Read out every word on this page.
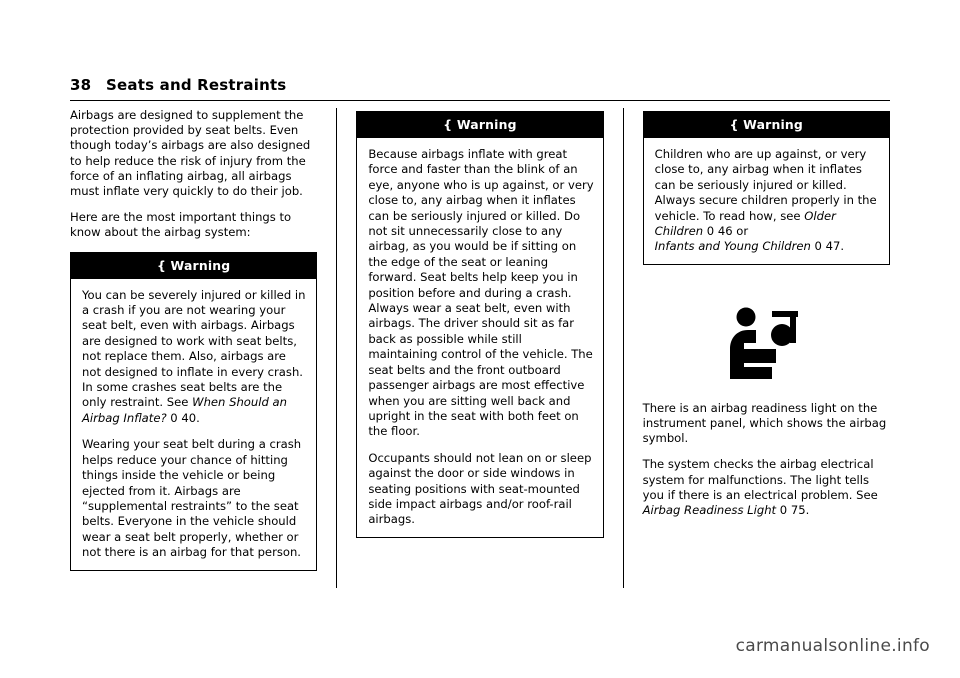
38 Seats and Restraints

Airbags are designed to supplement the protection provided by seat belts. Even though today’s airbags are also designed to help reduce the risk of injury from the force of an inflating airbag, all airbags must inflate very quickly to do their job.

Here are the most important things to know about the airbag system:

{ Warning

You can be severely injured or killed in a crash if you are not wearing your seat belt, even with airbags. Airbags are designed to work with seat belts, not replace them. Also, airbags are not designed to inflate in every crash. In some crashes seat belts are the only restraint. See When Should an Airbag Inflate? 0 40.

Wearing your seat belt during a crash helps reduce your chance of hitting things inside the vehicle or being ejected from it. Airbags are “supplemental restraints” to the seat belts. Everyone in the vehicle should wear a seat belt properly, whether or not there is an airbag for that person.

{ Warning

Because airbags inflate with great force and faster than the blink of an eye, anyone who is up against, or very close to, any airbag when it inflates can be seriously injured or killed. Do not sit unnecessarily close to any airbag, as you would be if sitting on the edge of the seat or leaning forward. Seat belts help keep you in position before and during a crash. Always wear a seat belt, even with airbags. The driver should sit as far back as possible while still maintaining control of the vehicle. The seat belts and the front outboard passenger airbags are most effective when you are sitting well back and upright in the seat with both feet on the floor.

Occupants should not lean on or sleep against the door or side windows in seating positions with seat-mounted side impact airbags and/or roof-rail airbags.

{ Warning

Children who are up against, or very close to, any airbag when it inflates can be seriously injured or killed. Always secure children properly in the vehicle. To read how, see Older Children 0 46 or
Infants and Young Children 0 47.

There is an airbag readiness light on the instrument panel, which shows the airbag symbol.

The system checks the airbag electrical system for malfunctions. The light tells you if there is an electrical problem. See Airbag Readiness Light 0 75.

carmanualsonline.info
